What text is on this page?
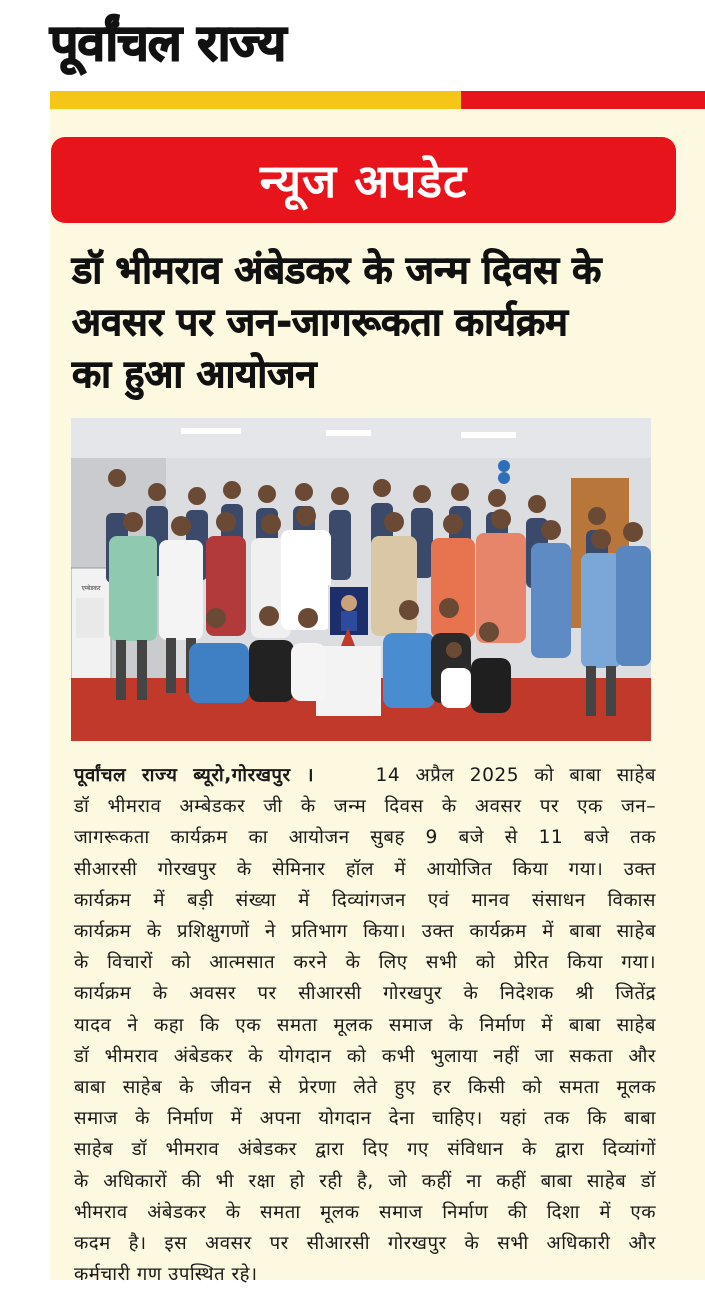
पूर्वांचल राज्य
न्यूज अपडेट
डॉ भीमराव अंबेडकर के जन्म दिवस के
अवसर पर जन-जागरूकता कार्यक्रम
का हुआ आयोजन
एम्बेडकर
पूर्वांचल राज्य ब्यूरो,गोरखपुर ।	14 अप्रैल 2025 को बाबा साहेब
डॉ भीमराव अम्बेडकर जी के जन्म दिवस के अवसर पर एक जन–
जागरूकता कार्यक्रम का आयोजन सुबह 9 बजे से 11 बजे तक
सीआरसी गोरखपुर के सेमिनार हॉल में आयोजित किया गया। उक्त
कार्यक्रम में बड़ी संख्या में दिव्यांगजन एवं मानव संसाधन विकास
कार्यक्रम के प्रशिक्षुगणों ने प्रतिभाग किया। उक्त कार्यक्रम में बाबा साहेब
के विचारों को आत्मसात करने के लिए सभी को प्रेरित किया गया।
कार्यक्रम के अवसर पर सीआरसी गोरखपुर के निदेशक श्री जितेंद्र
यादव ने कहा कि एक समता मूलक समाज के निर्माण में बाबा साहेब
डॉ भीमराव अंबेडकर के योगदान को कभी भुलाया नहीं जा सकता और
बाबा साहेब के जीवन से प्रेरणा लेते हुए हर किसी को समता मूलक
समाज के निर्माण में अपना योगदान देना चाहिए। यहां तक कि बाबा
साहेब डॉ भीमराव अंबेडकर द्वारा दिए गए संविधान के द्वारा दिव्यांगों
के अधिकारों की भी रक्षा हो रही है, जो कहीं ना कहीं बाबा साहेब डॉ
भीमराव अंबेडकर के समता मूलक समाज निर्माण की दिशा में एक
कदम है। इस अवसर पर सीआरसी गोरखपुर के सभी अधिकारी और
कर्मचारी गण उपस्थित रहे।
